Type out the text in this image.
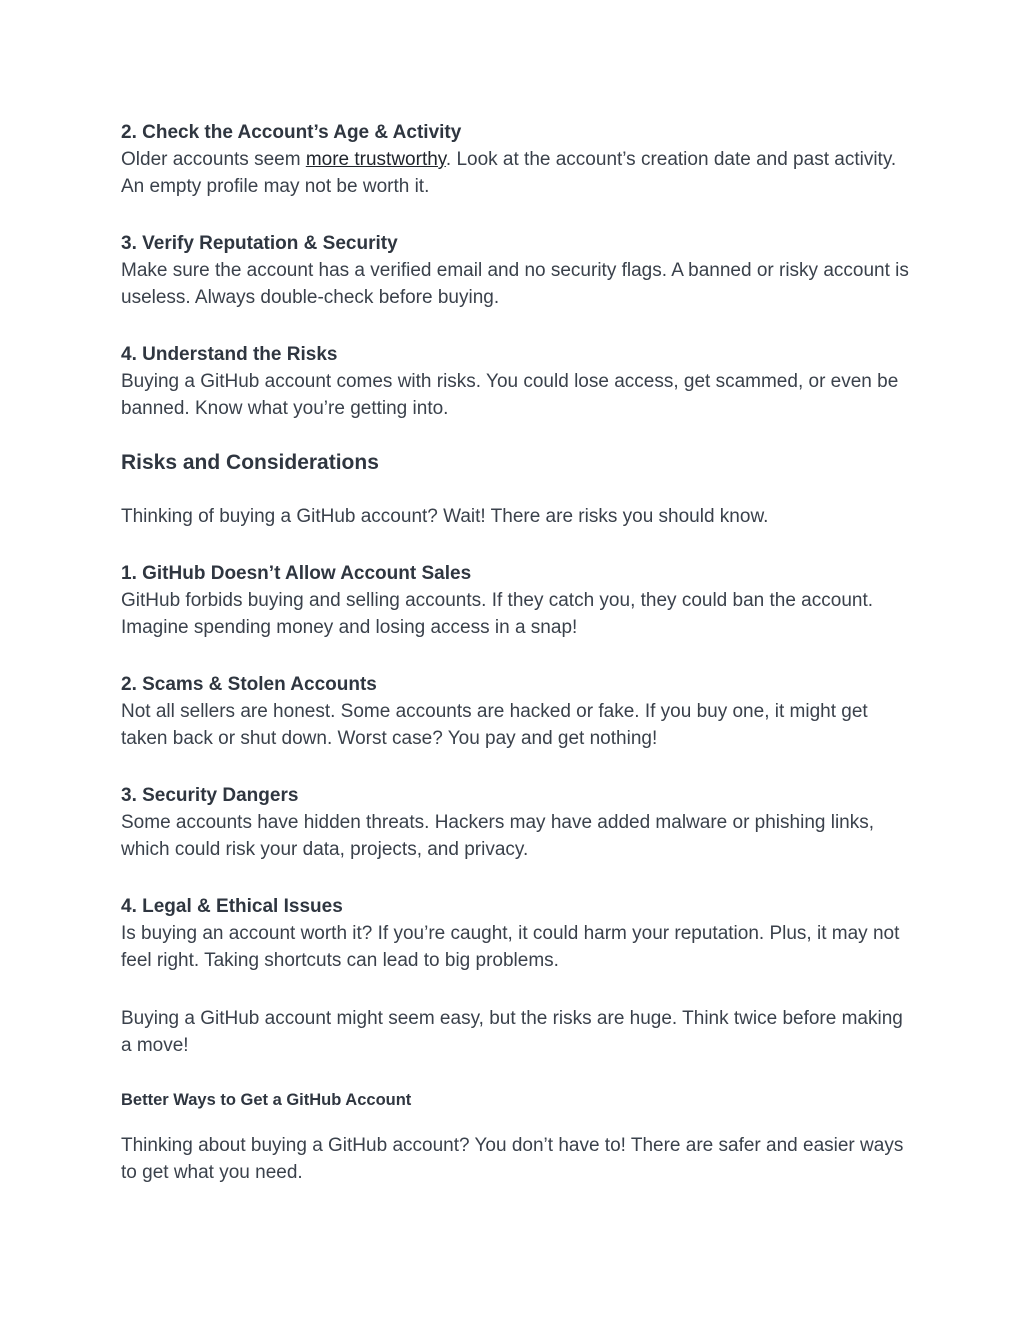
2. Check the Account’s Age & Activity
Older accounts seem more trustworthy. Look at the account’s creation date and past activity. An empty profile may not be worth it.
3. Verify Reputation & Security
Make sure the account has a verified email and no security flags. A banned or risky account is useless. Always double-check before buying.
4. Understand the Risks
Buying a GitHub account comes with risks. You could lose access, get scammed, or even be banned. Know what you’re getting into.
Risks and Considerations
Thinking of buying a GitHub account? Wait! There are risks you should know.
1. GitHub Doesn’t Allow Account Sales
GitHub forbids buying and selling accounts. If they catch you, they could ban the account. Imagine spending money and losing access in a snap!
2. Scams & Stolen Accounts
Not all sellers are honest. Some accounts are hacked or fake. If you buy one, it might get taken back or shut down. Worst case? You pay and get nothing!
3. Security Dangers
Some accounts have hidden threats. Hackers may have added malware or phishing links, which could risk your data, projects, and privacy.
4. Legal & Ethical Issues
Is buying an account worth it? If you’re caught, it could harm your reputation. Plus, it may not feel right. Taking shortcuts can lead to big problems.
Buying a GitHub account might seem easy, but the risks are huge. Think twice before making a move!
Better Ways to Get a GitHub Account
Thinking about buying a GitHub account? You don’t have to! There are safer and easier ways to get what you need.
